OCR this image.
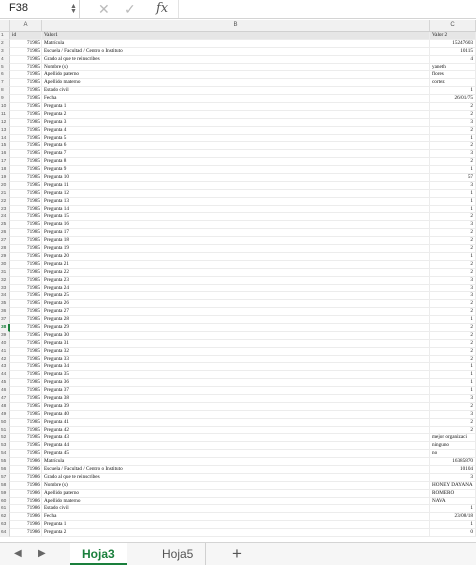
F38	▲
▼ ✕ ✓ fx
A	B	C
1	id	Valor1	Valor 2
2	71985 Matrícula	15247603
3	71985 Escuela / Facultad / Centro o Instituto	10115
4	71985 Grado al que te reinscribes	4
5	71985 Nombre (s)	yaneth
6	71985 Apellido paterno	flores
7	71985 Apellido materno	cortez
8	71985 Estado civil	1
9	71985 Fecha	26/01/75
10	71985 Pregunta 1	2
11	71985 Pregunta 2	2
12	71985 Pregunta 3	3
13	71985 Pregunta 4	2
14	71985 Pregunta 5	1
15	71985 Pregunta 6	2
16	71985 Pregunta 7	3
17	71985 Pregunta 8	2
18	71985 Pregunta 9	1
19	71985 Pregunta 10	57
20	71985 Pregunta 11	3
21	71985 Pregunta 12	1
22	71985 Pregunta 13	1
23	71985 Pregunta 14	1
24	71985 Pregunta 15	2
25	71985 Pregunta 16	3
26	71985 Pregunta 17	2
27	71985 Pregunta 18	2
28	71985 Pregunta 19	2
29	71985 Pregunta 20	1
30	71985 Pregunta 21	2
31	71985 Pregunta 22	2
32	71985 Pregunta 23	3
33	71985 Pregunta 24	3
34	71985 Pregunta 25	3
35	71985 Pregunta 26	2
36	71985 Pregunta 27	2
37	71985 Pregunta 28	1
38	71985 Pregunta 29	2
39	71985 Pregunta 30	2
40	71985 Pregunta 31	2
41	71985 Pregunta 32	2
42	71985 Pregunta 33	2
43	71985 Pregunta 34	1
44	71985 Pregunta 35	1
45	71985 Pregunta 36	1
46	71985 Pregunta 37	1
47	71985 Pregunta 38	3
48	71985 Pregunta 39	2
49	71985 Pregunta 40	3
50	71985 Pregunta 41	2
51	71985 Pregunta 42	2
52	71985 Pregunta 43	mejor organizaci
53	71985 Pregunta 44	ninguno
54	71985 Pregunta 45	no
55	71986 Matrícula	16385870
56	71986 Escuela / Facultad / Centro o Instituto	10104
57	71986 Grado al que te reinscribes	3
58	71986 Nombre (s)	HONEY DAYANA
59	71986 Apellido paterno	ROMERO
60	71986 Apellido materno	NAVA
61	71986 Estado civil	1
62	71986 Fecha	23/08/18
63	71986 Pregunta 1	1
64	71986 Pregunta 2	0
◀ ▶	Hoja3	Hoja5	+
